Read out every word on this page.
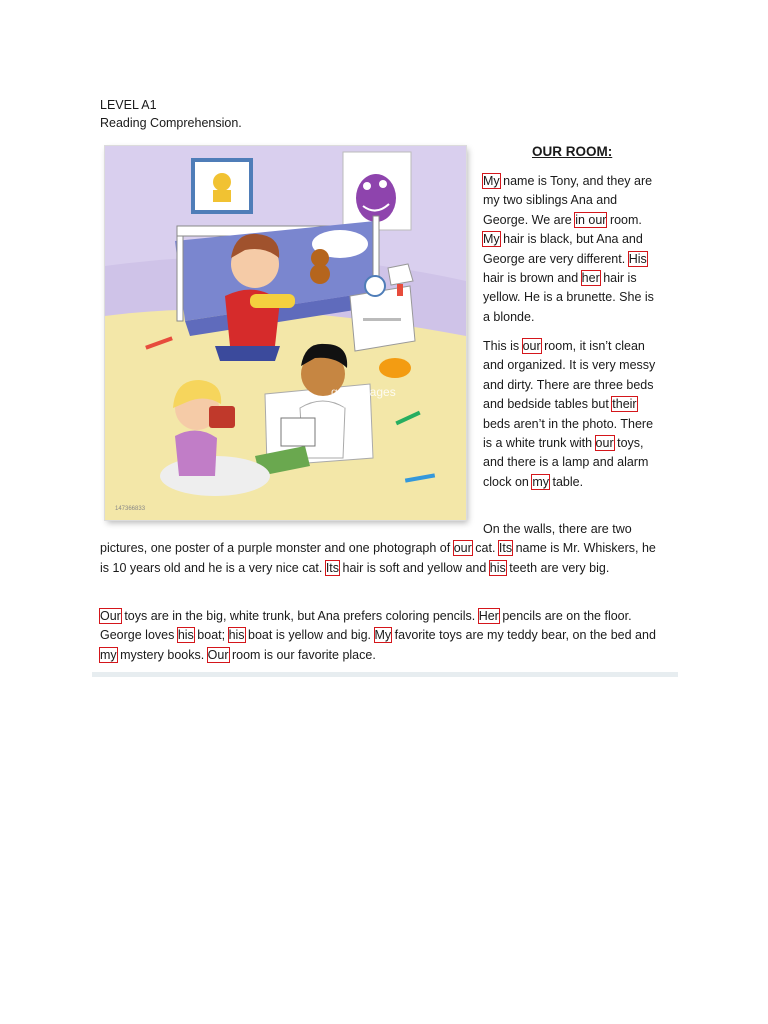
LEVEL A1
Reading Comprehension.
gettyimages
Sawyer
147366833
OUR ROOM:
My name is Tony, and they are my two siblings Ana and George. We are in our room. My hair is black, but Ana and George are very different. His hair is brown and her hair is yellow. He is a brunette. She is a blonde.
This is our room, it isn’t clean and organized. It is very messy and dirty. There are three beds and bedside tables but their beds aren’t in the photo. There is a white trunk with our toys, and there is a lamp and alarm clock on my table.
On the walls, there are two pictures, one poster of a purple monster and one photograph of our cat. Its name is Mr. Whiskers, he is 10 years old and he is a very nice cat. Its hair is soft and yellow and his teeth are very big.
Our toys are in the big, white trunk, but Ana prefers coloring pencils. Her pencils are on the floor. George loves his boat; his boat is yellow and big. My favorite toys are my teddy bear, on the bed and my mystery books. Our room is our favorite place.
